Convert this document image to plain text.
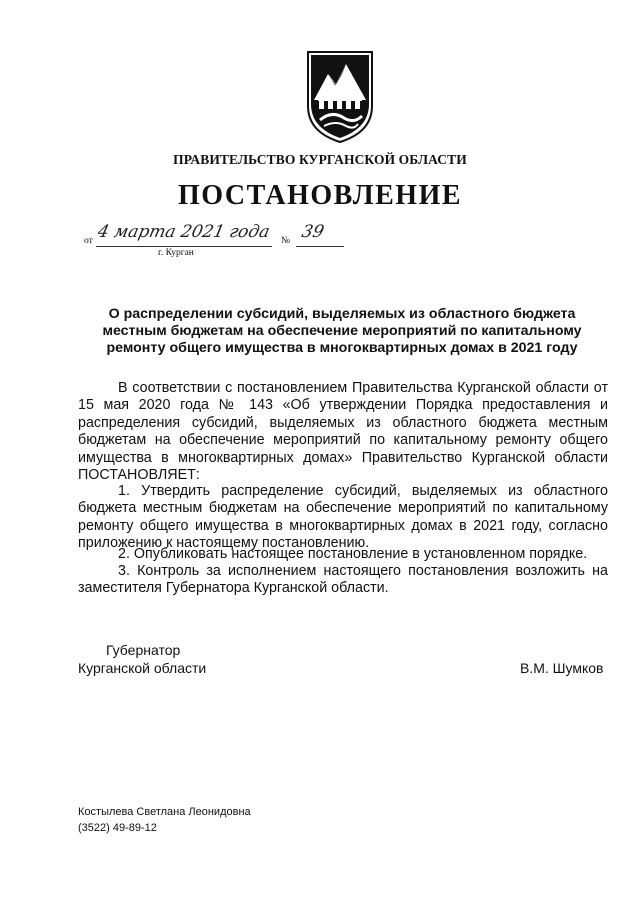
ПРАВИТЕЛЬСТВО КУРГАНСКОЙ ОБЛАСТИ
ПОСТАНОВЛЕНИЕ
от 4 марта 2021 года № 39
г. Курган
О распределении субсидий, выделяемых из областного бюджета местным бюджетам на обеспечение мероприятий по капитальному ремонту общего имущества в многоквартирных домах в 2021 году
В соответствии с постановлением Правительства Курганской области от 15 мая 2020 года № 143 «Об утверждении Порядка предоставления и распределения субсидий, выделяемых из областного бюджета местным бюджетам на обеспечение мероприятий по капитальному ремонту общего имущества в многоквартирных домах» Правительство Курганской области ПОСТАНОВЛЯЕТ:
1. Утвердить распределение субсидий, выделяемых из областного бюджета местным бюджетам на обеспечение мероприятий по капитальному ремонту общего имущества в многоквартирных домах в 2021 году, согласно приложению к настоящему постановлению.
2. Опубликовать настоящее постановление в установленном порядке.
3. Контроль за исполнением настоящего постановления возложить на заместителя Губернатора Курганской области.
Губернатор
Курганской области	В.М. Шумков
Костылева Светлана Леонидовна
(3522) 49-89-12
